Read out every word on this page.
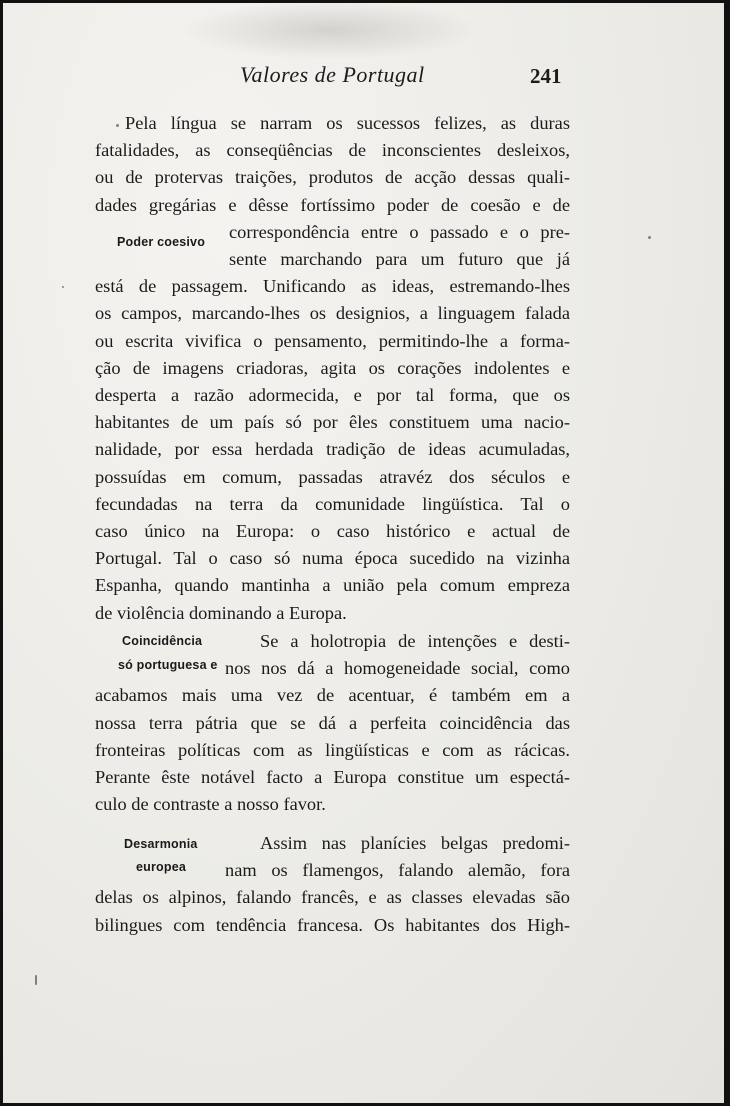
Valores de Portugal	241
Pela língua se narram os sucessos felizes, as duras
fatalidades, as conseqüências de inconscientes desleixos,
ou de protervas traições, produtos de acção dessas quali-
dades gregárias e dêsse fortíssimo poder de coesão e de
correspondência entre o passado e o pre-
sente marchando para um futuro que já
está de passagem. Unificando as ideas, estremando-lhes
os campos, marcando-lhes os designios, a linguagem falada
ou escrita vivifica o pensamento, permitindo-lhe a forma-
ção de imagens criadoras, agita os corações indolentes e
desperta a razão adormecida, e por tal forma, que os
habitantes de um país só por êles constituem uma nacio-
nalidade, por essa herdada tradição de ideas acumuladas,
possuídas em comum, passadas atravéz dos séculos e
fecundadas na terra da comunidade lingüística. Tal o
caso único na Europa: o caso histórico e actual de
Portugal. Tal o caso só numa época sucedido na vizinha
Espanha, quando mantinha a união pela comum empreza
de violência dominando a Europa.
Poder coesivo
Se a holotropia de intenções e desti-
nos nos dá a homogeneidade social, como
acabamos mais uma vez de acentuar, é também em a
nossa terra pátria que se dá a perfeita coincidência das
fronteiras políticas com as lingüísticas e com as rácicas.
Perante êste notável facto a Europa constitue um espectá-
culo de contraste a nosso favor.
Coincidência
só portuguesa e
Assim nas planícies belgas predomi-
nam os flamengos, falando alemão, fora
delas os alpinos, falando francês, e as classes elevadas são
bilingues com tendência francesa. Os habitantes dos High-
Desarmonia
europea
